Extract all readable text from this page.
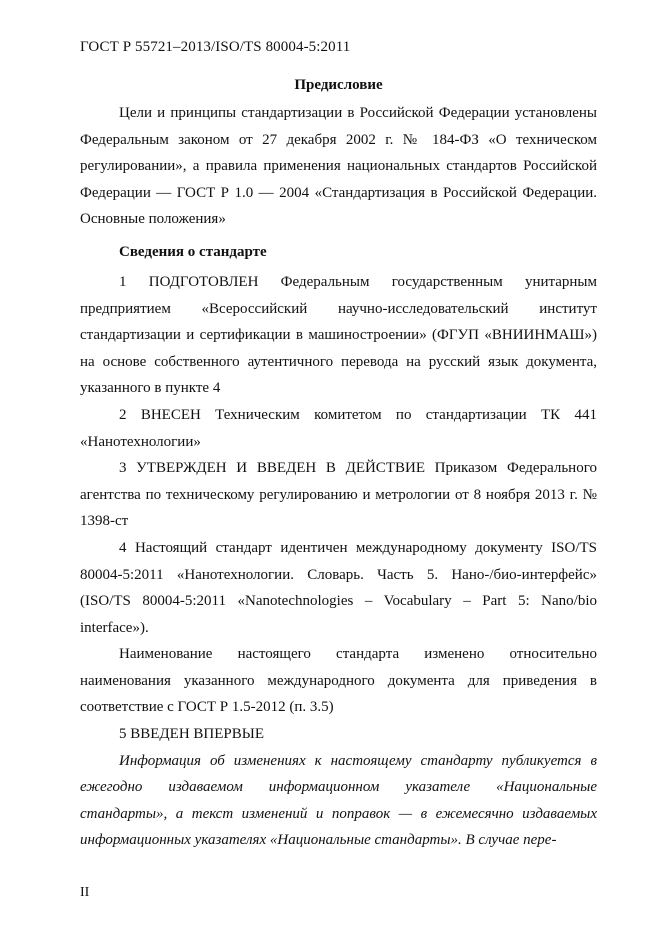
ГОСТ Р 55721–2013/ISO/TS 80004-5:2011
Предисловие

Цели и принципы стандартизации в Российской Федерации установлены Федеральным законом от 27 декабря 2002 г. № 184-ФЗ «О техническом регулировании», а правила применения национальных стандартов Российской Федерации — ГОСТ Р 1.0 — 2004 «Стандартизация в Российской Федерации. Основные положения»

Сведения о стандарте

1 ПОДГОТОВЛЕН Федеральным государственным унитарным предприятием «Всероссийский научно-исследовательский институт стандартизации и сертификации в машиностроении» (ФГУП «ВНИИНМАШ») на основе собственного аутентичного перевода на русский язык документа, указанного в пункте 4

2 ВНЕСЕН Техническим комитетом по стандартизации ТК 441 «Нанотехнологии»

3 УТВЕРЖДЕН И ВВЕДЕН В ДЕЙСТВИЕ Приказом Федерального агентства по техническому регулированию и метрологии от 8 ноября 2013 г. № 1398-ст

4 Настоящий стандарт идентичен международному документу ISO/TS 80004-5:2011 «Нанотехнологии. Словарь. Часть 5. Нано-/био-интерфейс» (ISO/TS 80004-5:2011 «Nanotechnologies – Vocabulary – Part 5: Nano/bio interface»).

Наименование настоящего стандарта изменено относительно наименования указанного международного документа для приведения в соответствие с ГОСТ Р 1.5-2012 (п. 3.5)

5 ВВЕДЕН ВПЕРВЫЕ

Информация об изменениях к настоящему стандарту публикуется в ежегодно издаваемом информационном указателе «Национальные стандарты», а текст изменений и поправок — в ежемесячно издаваемых информационных указателях «Национальные стандарты». В случае пере-

II
